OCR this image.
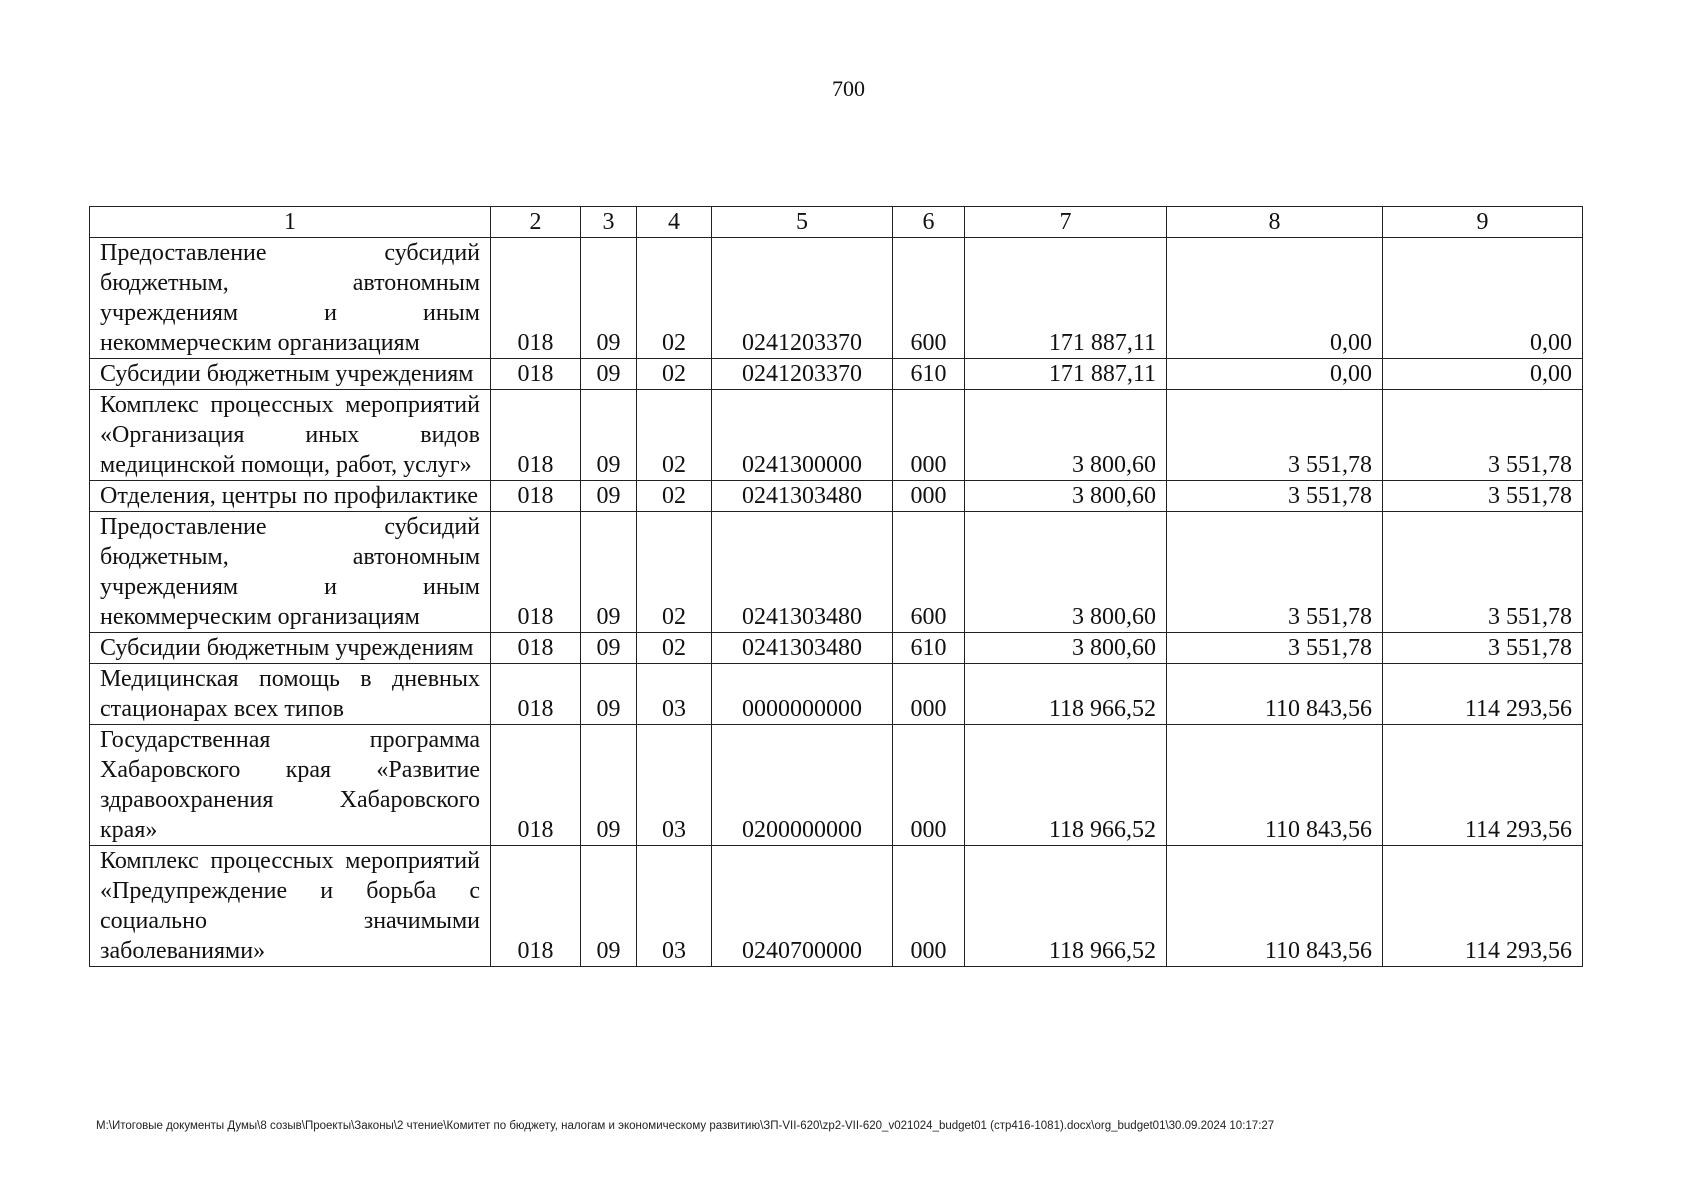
700
1	2	3	4	5	6	7	8	9
Предоставление субсидий бюджетным, автономным учреждениям и иным некоммерческим организациям	018	09	02	0241203370	600	171 887,11	0,00	0,00
Субсидии бюджетным учреждениям	018	09	02	0241203370	610	171 887,11	0,00	0,00
Комплекс процессных мероприятий «Организация иных видов медицинской помощи, работ, услуг»	018	09	02	0241300000	000	3 800,60	3 551,78	3 551,78
Отделения, центры по профилактике	018	09	02	0241303480	000	3 800,60	3 551,78	3 551,78
Предоставление субсидий бюджетным, автономным учреждениям и иным некоммерческим организациям	018	09	02	0241303480	600	3 800,60	3 551,78	3 551,78
Субсидии бюджетным учреждениям	018	09	02	0241303480	610	3 800,60	3 551,78	3 551,78
Медицинская помощь в дневных стационарах всех типов	018	09	03	0000000000	000	118 966,52	110 843,56	114 293,56
Государственная программа Хабаровского края «Развитие здравоохранения Хабаровского края»	018	09	03	0200000000	000	118 966,52	110 843,56	114 293,56
Комплекс процессных мероприятий «Предупреждение и борьба с социально значимыми заболеваниями»	018	09	03	0240700000	000	118 966,52	110 843,56	114 293,56
M:\Итоговые документы Думы\8 созыв\Проекты\Законы\2 чтение\Комитет по бюджету, налогам и экономическому развитию\ЗП-VII-620\zp2-VII-620_v021024_budget01 (стр416-1081).docx\org_budget01\30.09.2024 10:17:27
